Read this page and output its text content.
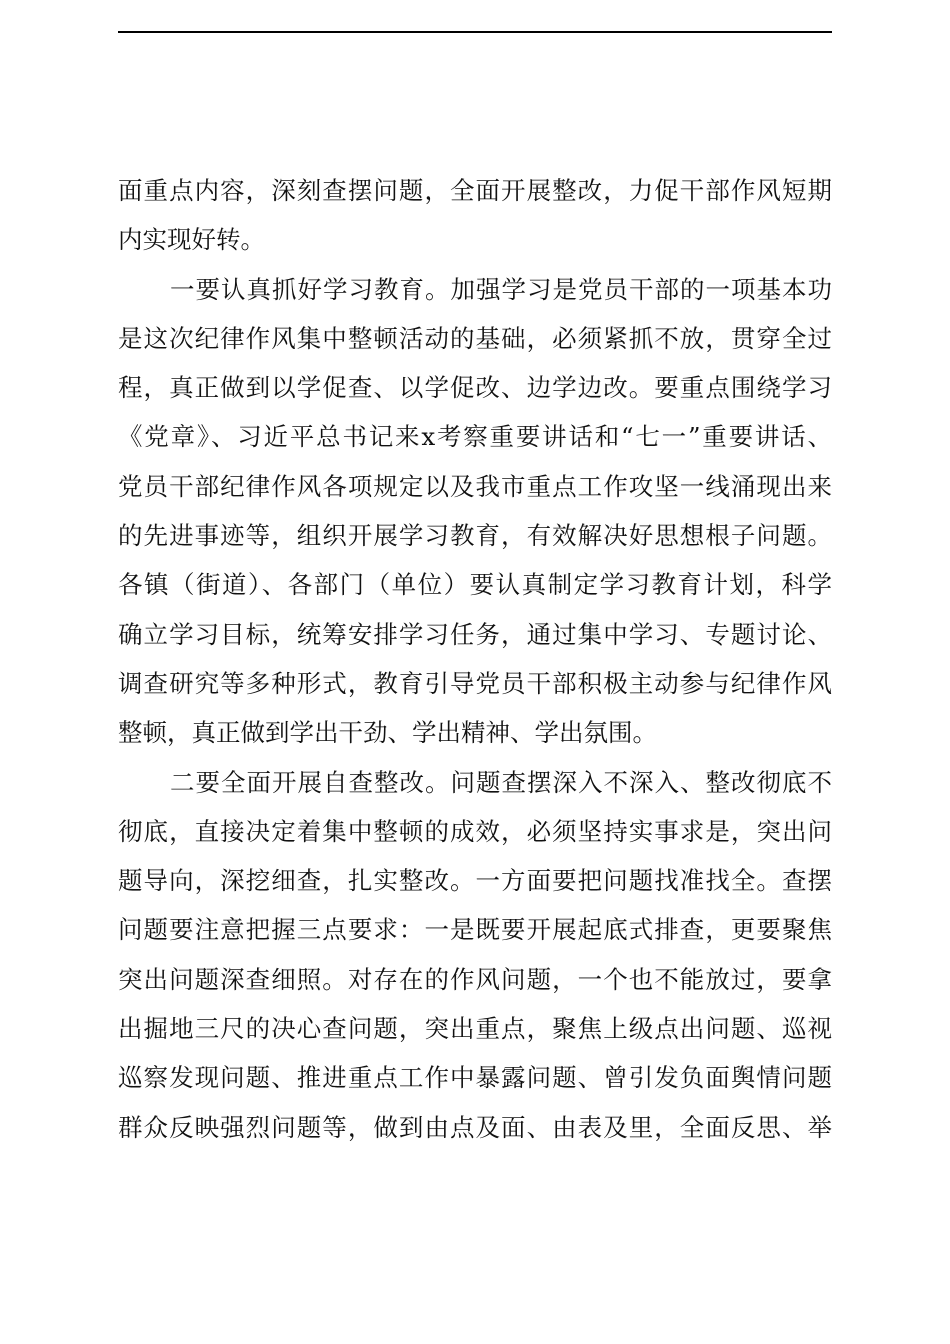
面重点内容，深刻查摆问题，全面开展整改，力促干部作风短期
内实现好转。
一要认真抓好学习教育。加强学习是党员干部的一项基本功
是这次纪律作风集中整顿活动的基础，必须紧抓不放，贯穿全过
程，真正做到以学促查、以学促改、边学边改。要重点围绕学习
《党章》、习近平总书记来x考察重要讲话和“七一”重要讲话、
党员干部纪律作风各项规定以及我市重点工作攻坚一线涌现出来
的先进事迹等，组织开展学习教育，有效解决好思想根子问题。
各镇（街道）、各部门（单位）要认真制定学习教育计划，科学
确立学习目标，统筹安排学习任务，通过集中学习、专题讨论、
调查研究等多种形式，教育引导党员干部积极主动参与纪律作风
整顿，真正做到学出干劲、学出精神、学出氛围。
二要全面开展自查整改。问题查摆深入不深入、整改彻底不
彻底，直接决定着集中整顿的成效，必须坚持实事求是，突出问
题导向，深挖细查，扎实整改。一方面要把问题找准找全。查摆
问题要注意把握三点要求：一是既要开展起底式排查，更要聚焦
突出问题深查细照。对存在的作风问题，一个也不能放过，要拿
出掘地三尺的决心查问题，突出重点，聚焦上级点出问题、巡视
巡察发现问题、推进重点工作中暴露问题、曾引发负面舆情问题
群众反映强烈问题等，做到由点及面、由表及里，全面反思、举
